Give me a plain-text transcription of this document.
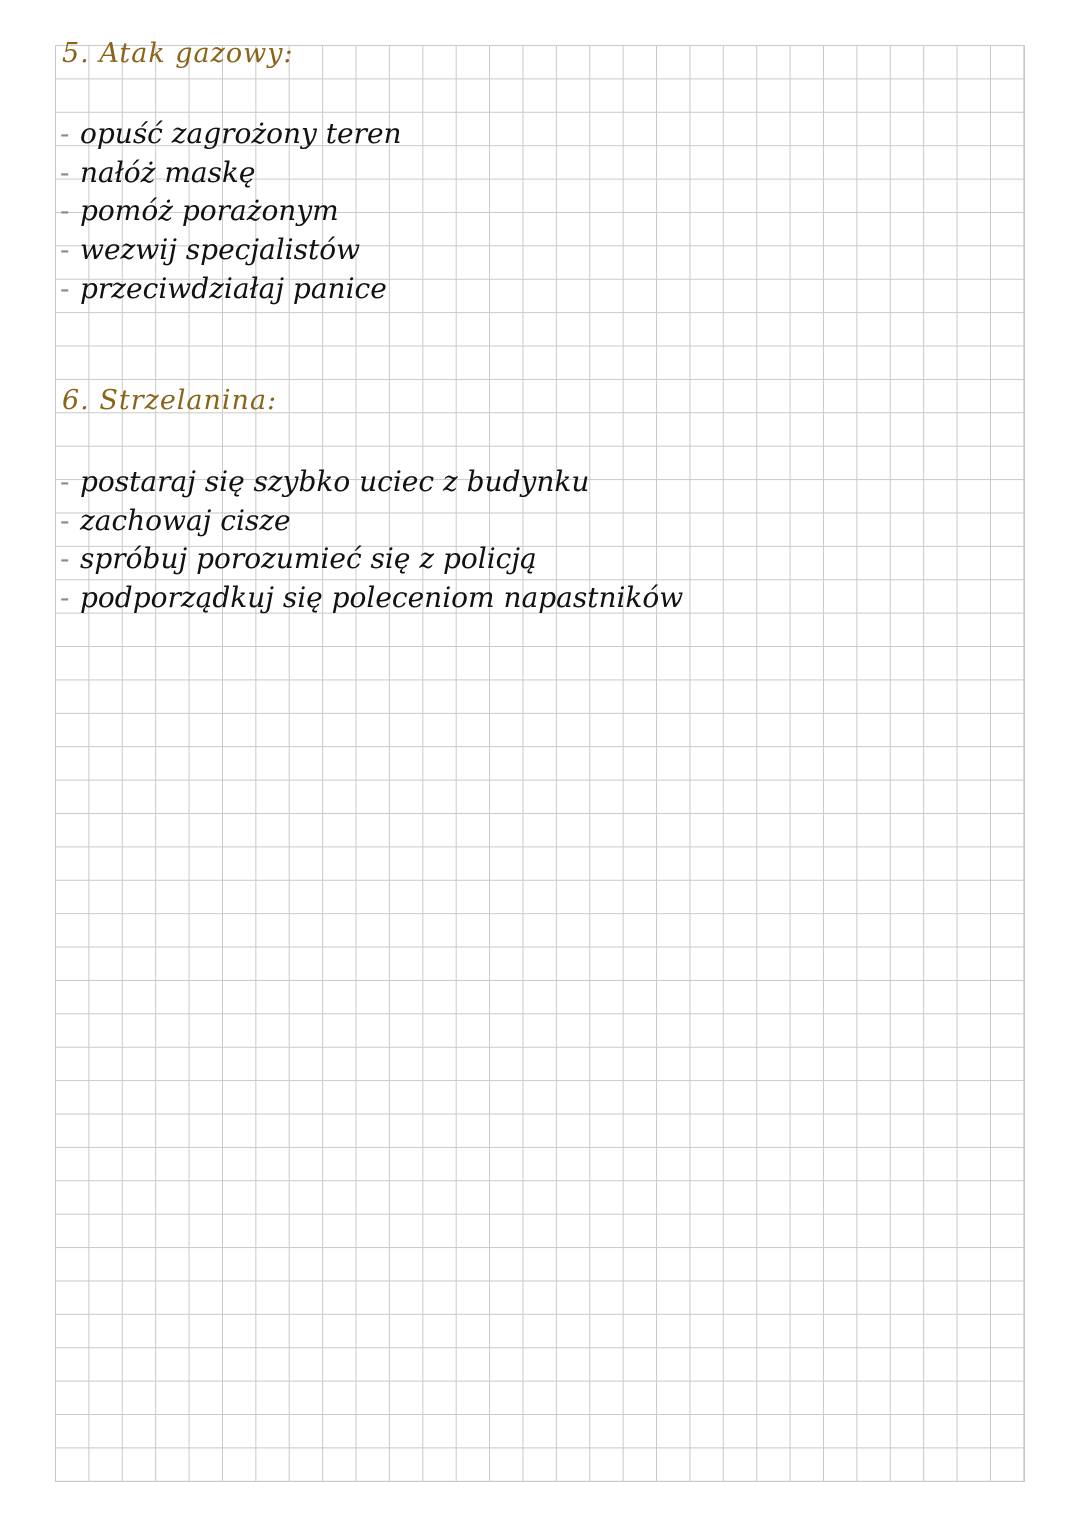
5. Atak gazowy:
- opuść zagrożony teren
- nałóż maskę
- pomóż porażonym
- wezwij specjalistów
- przeciwdziałaj panice
6. Strzelanina:
- postaraj się szybko uciec z budynku
- zachowaj cisze
- spróbuj porozumieć się z policją
- podporządkuj się poleceniom napastników
